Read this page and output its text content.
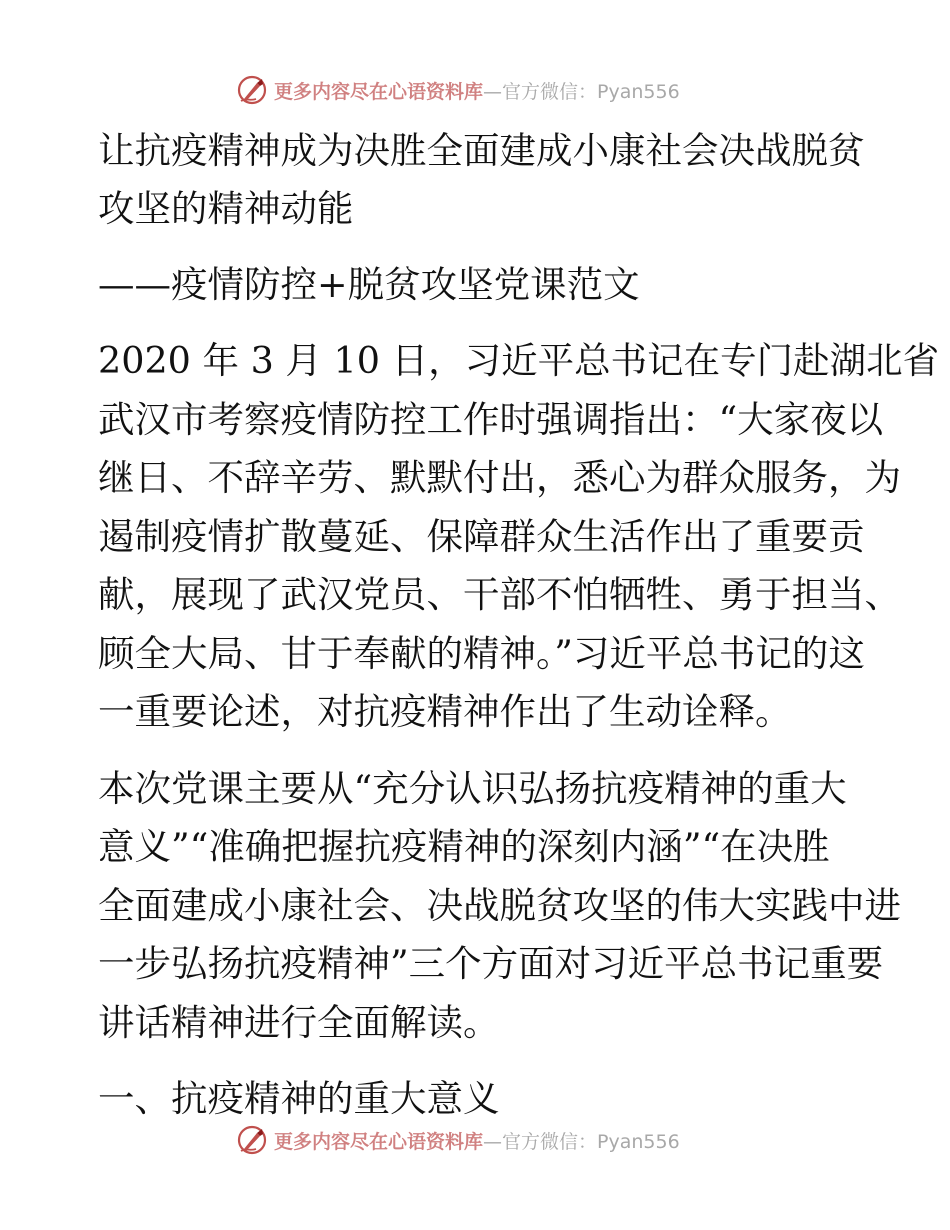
更多内容尽在心语资料库 —官方微信：Pyan556
让抗疫精神成为决胜全面建成小康社会决战脱贫
攻坚的精神动能
——疫情防控+脱贫攻坚党课范文
2020 年 3 月 10 日，习近平总书记在专门赴湖北省
武汉市考察疫情防控工作时强调指出：“大家夜以
继日、不辞辛劳、默默付出，悉心为群众服务，为
遏制疫情扩散蔓延、保障群众生活作出了重要贡
献，展现了武汉党员、干部不怕牺牲、勇于担当、
顾全大局、甘于奉献的精神。”习近平总书记的这
一重要论述，对抗疫精神作出了生动诠释。
本次党课主要从“充分认识弘扬抗疫精神的重大
意义”“准确把握抗疫精神的深刻内涵”“在决胜
全面建成小康社会、决战脱贫攻坚的伟大实践中进
一步弘扬抗疫精神”三个方面对习近平总书记重要
讲话精神进行全面解读。
一、抗疫精神的重大意义
更多内容尽在心语资料库 —官方微信：Pyan556
